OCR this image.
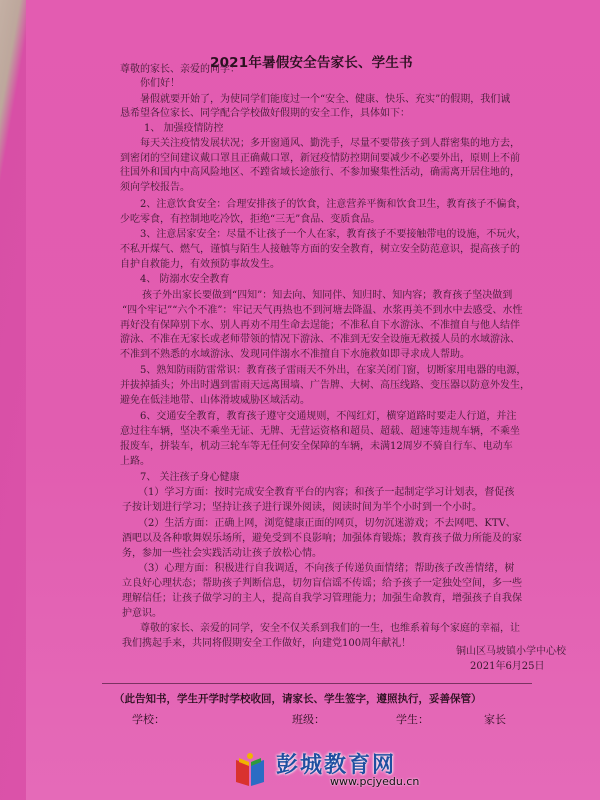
2021年暑假安全告家长、学生书
尊敬的家长、亲爱的同学：
你们好！
暑假就要开始了，为使同学们能度过一个“安全、健康、快乐、充实”的假期，我们诚
恳希望各位家长、同学配合学校做好假期的安全工作，具体如下：
1、 加强疫情防控
每天关注疫情发展状况；多开窗通风、勤洗手，尽量不要带孩子到人群密集的地方去，
到密闭的空间建议戴口罩且正确戴口罩，新冠疫情防控期间要减少不必要外出，原则上不前
往国外和国内中高风险地区、不蹚省域长途旅行、不参加聚集性活动，确需离开居住地的，
须向学校报告。
2、注意饮食安全：合理安排孩子的饮食，注意营养平衡和饮食卫生，教育孩子不偏食，
少吃零食，有控制地吃冷饮，拒绝“三无”食品、变质食品。
3、注意居家安全：尽量不让孩子一个人在家，教育孩子不要接触带电的设施，不玩火，
不私开煤气、燃气，谨慎与陌生人接触等方面的安全教育，树立安全防范意识，提高孩子的
自护自救能力，有效预防事故发生。
4、 防溺水安全教育
孩子外出家长要做到“四知”：知去向、知同伴、知归时、知内容；教育孩子坚决做到
“四个牢记”“六个不准”：牢记天气再热也不到河塘去降温、水浆再美不到水中去感受、水性
再好没有保障别下水、别人再劝不用生命去逞能；不准私自下水游泳、不准擅自与他人结伴
游泳、不准在无家长或老师带领的情况下游泳、不准到无安全设施无救援人员的水域游泳、
不准到不熟悉的水域游泳、发现同伴溺水不准擅自下水施救如即寻求成人帮助。
5、熟知防雨防雷常识：教育孩子雷雨天不外出，在家关闭门窗，切断家用电器的电源，
并拔掉插头；外出时遇到雷雨天远离围墙、广告牌、大树、高压线路、变压器以防意外发生，
避免在低洼地带、山体滑坡威胁区域活动。
6、交通安全教育，教育孩子遵守交通规则，不闯红灯，横穿道路时要走人行道，并注
意过往车辆，坚决不乘坐无证、无牌、无营运资格和超员、超载、超速等违规车辆，不乘坐
报废车，拼装车，机动三轮车等无任何安全保障的车辆，未满12周岁不骑自行车、电动车
上路。
7、 关注孩子身心健康
（1）学习方面：按时完成安全教育平台的内容；和孩子一起制定学习计划表，督促孩
子按计划进行学习；坚持让孩子进行课外阅读，阅读时间为半个小时到一个小时。
（2）生活方面：正确上网，浏览健康正面的网页，切勿沉迷游戏；不去网吧、KTV、
酒吧以及各种歌舞娱乐场所，避免受到不良影响；加强体育锻炼；教育孩子做力所能及的家
务，参加一些社会实践活动让孩子放松心情。
（3）心理方面：积极进行自我调适，不向孩子传递负面情绪；帮助孩子改善情绪，树
立良好心理状态；帮助孩子判断信息，切勿盲信谣不传谣；给予孩子一定独处空间，多一些
理解信任；让孩子做学习的主人，提高自我学习管理能力；加强生命教育，增强孩子自我保
护意识。
尊敬的家长、亲爱的同学，安全不仅关系到我们的一生，也维系着每个家庭的幸福，让
我们携起手来，共同将假期安全工作做好，向建党100周年献礼！
铜山区马坡镇小学中心校
2021年6月25日
（此告知书，学生开学时学校收回，请家长、学生签字，遵照执行，妥善保管）
学校：	班级：	学生：	家长
彭城教育网
www.pcjyedu.cn
